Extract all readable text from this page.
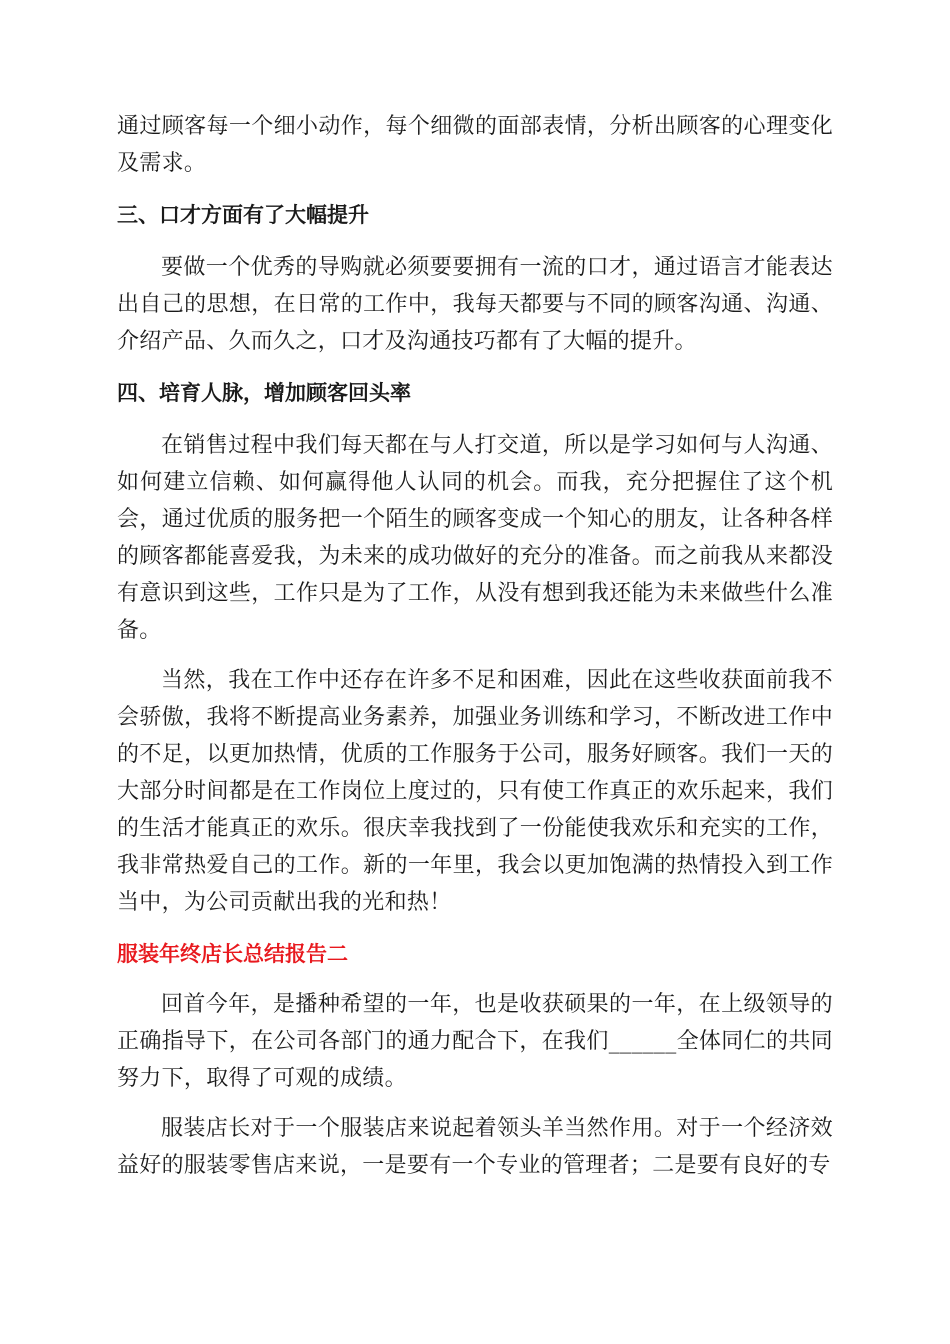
通过顾客每一个细小动作，每个细微的面部表情，分析出顾客的心理变化及需求。

三、口才方面有了大幅提升

要做一个优秀的导购就必须要要拥有一流的口才，通过语言才能表达出自己的思想，在日常的工作中，我每天都要与不同的顾客沟通、沟通、介绍产品、久而久之，口才及沟通技巧都有了大幅的提升。

四、培育人脉，增加顾客回头率

在销售过程中我们每天都在与人打交道，所以是学习如何与人沟通、如何建立信赖、如何赢得他人认同的机会。而我，充分把握住了这个机会，通过优质的服务把一个陌生的顾客变成一个知心的朋友，让各种各样的顾客都能喜爱我，为未来的成功做好的充分的准备。而之前我从来都没有意识到这些，工作只是为了工作，从没有想到我还能为未来做些什么准备。

当然，我在工作中还存在许多不足和困难，因此在这些收获面前我不会骄傲，我将不断提高业务素养，加强业务训练和学习，不断改进工作中的不足，以更加热情，优质的工作服务于公司，服务好顾客。我们一天的大部分时间都是在工作岗位上度过的，只有使工作真正的欢乐起来，我们的生活才能真正的欢乐。很庆幸我找到了一份能使我欢乐和充实的工作，我非常热爱自己的工作。新的一年里，我会以更加饱满的热情投入到工作当中，为公司贡献出我的光和热！

服装年终店长总结报告二

回首今年，是播种希望的一年，也是收获硕果的一年，在上级领导的正确指导下，在公司各部门的通力配合下，在我们______全体同仁的共同努力下，取得了可观的成绩。

服装店长对于一个服装店来说起着领头羊当然作用。对于一个经济效益好的服装零售店来说，一是要有一个专业的管理者；二是要有良好的专
